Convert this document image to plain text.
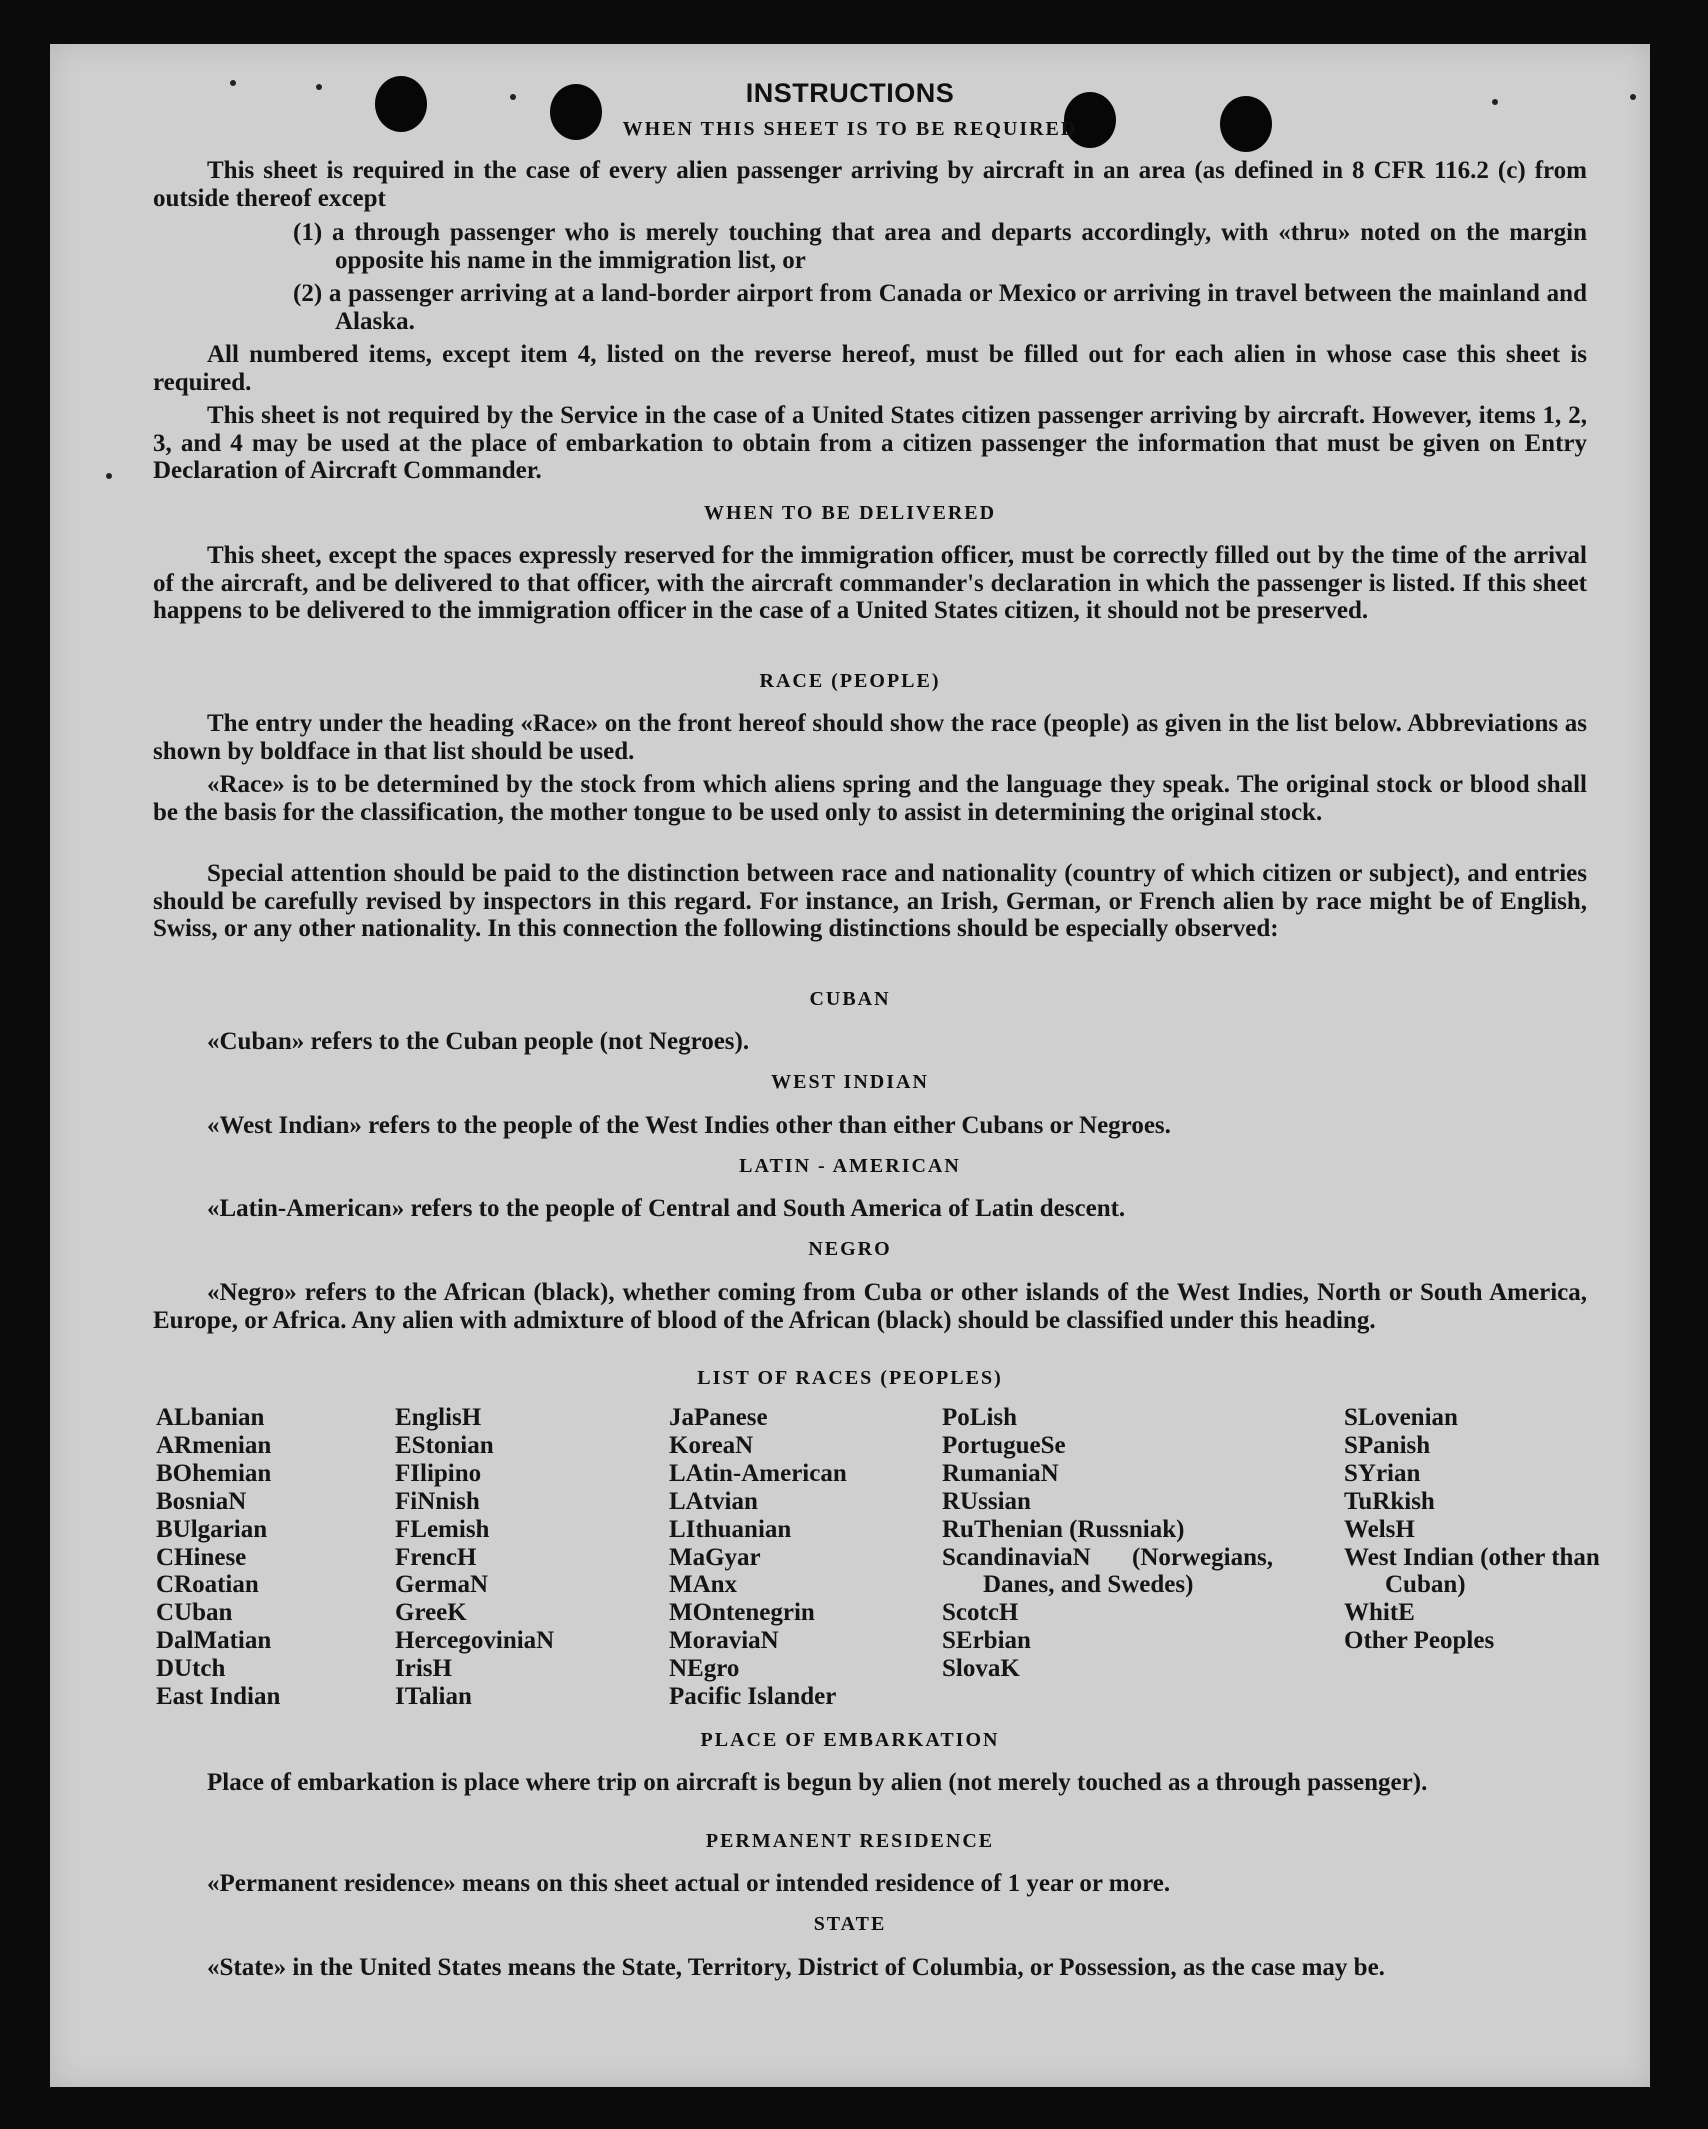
INSTRUCTIONS
WHEN THIS SHEET IS TO BE REQUIRED
This sheet is required in the case of every alien passenger arriving by aircraft in an area (as defined in 8 CFR 116.2 (c) from outside thereof except
(1) a through passenger who is merely touching that area and departs accordingly, with «thru» noted on the margin opposite his name in the immigration list, or
(2) a passenger arriving at a land-border airport from Canada or Mexico or arriving in travel between the mainland and Alaska.
All numbered items, except item 4, listed on the reverse hereof, must be filled out for each alien in whose case this sheet is required.
This sheet is not required by the Service in the case of a United States citizen passenger arriving by aircraft. However, items 1, 2, 3, and 4 may be used at the place of embarkation to obtain from a citizen passenger the information that must be given on Entry Declaration of Aircraft Commander.
WHEN TO BE DELIVERED
This sheet, except the spaces expressly reserved for the immigration officer, must be correctly filled out by the time of the arrival of the aircraft, and be delivered to that officer, with the aircraft commander's declaration in which the passenger is listed. If this sheet happens to be delivered to the immigration officer in the case of a United States citizen, it should not be preserved.
RACE (PEOPLE)
The entry under the heading «Race» on the front hereof should show the race (people) as given in the list below. Abbreviations as shown by boldface in that list should be used.
«Race» is to be determined by the stock from which aliens spring and the language they speak. The original stock or blood shall be the basis for the classification, the mother tongue to be used only to assist in determining the original stock.
Special attention should be paid to the distinction between race and nationality (country of which citizen or subject), and entries should be carefully revised by inspectors in this regard. For instance, an Irish, German, or French alien by race might be of English, Swiss, or any other nationality. In this connection the following distinctions should be especially observed:
CUBAN
«Cuban» refers to the Cuban people (not Negroes).
WEST INDIAN
«West Indian» refers to the people of the West Indies other than either Cubans or Negroes.
LATIN - AMERICAN
«Latin-American» refers to the people of Central and South America of Latin descent.
NEGRO
«Negro» refers to the African (black), whether coming from Cuba or other islands of the West Indies, North or South America, Europe, or Africa. Any alien with admixture of blood of the African (black) should be classified under this heading.
LIST OF RACES (PEOPLES)
ALbanian
ARmenian
BOhemian
BosniaN
BUlgarian
CHinese
CRoatian
CUban
DalMatian
DUtch
East Indian
EnglisH
EStonian
FIlipino
FiNnish
FLemish
FrencH
GermaN
GreeK
HercegoviniaN
IrisH
ITalian
JaPanese
KoreaN
LAtin-American
LAtvian
LIthuanian
MaGyar
MAnx
MOntenegrin
MoraviaN
NEgro
Pacific Islander
PoLish
PortugueSe
RumaniaN
RUssian
RuThenian (Russniak)
ScandinaviaN (Norwegians, Danes, and Swedes)
ScotcH
SErbian
SlovaK
SLovenian
SPanish
SYrian
TuRkish
WelsH
West Indian (other than Cuban)
WhitE
Other Peoples
PLACE OF EMBARKATION
Place of embarkation is place where trip on aircraft is begun by alien (not merely touched as a through passenger).
PERMANENT RESIDENCE
«Permanent residence» means on this sheet actual or intended residence of 1 year or more.
STATE
«State» in the United States means the State, Territory, District of Columbia, or Possession, as the case may be.
